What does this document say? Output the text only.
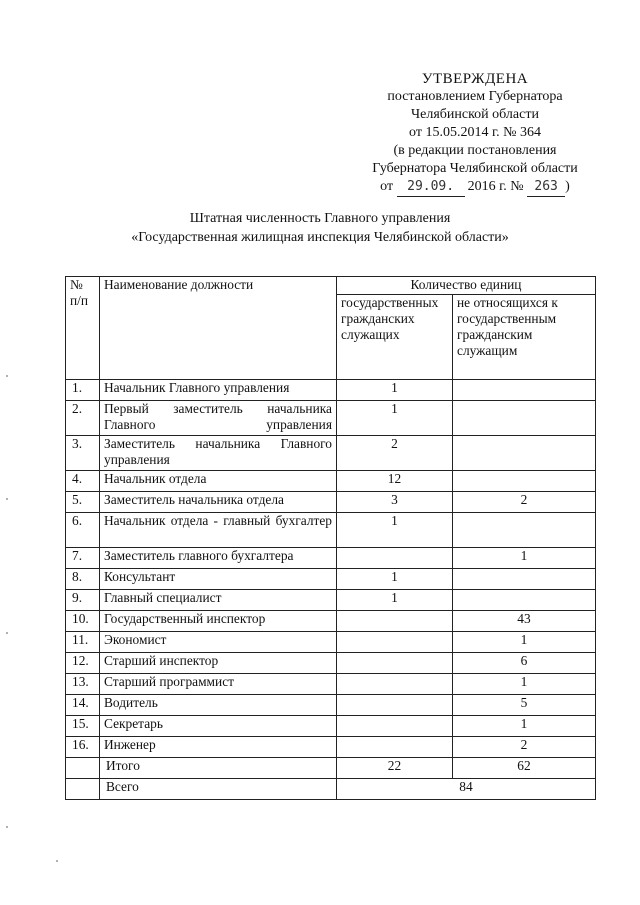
УТВЕРЖДЕНА
постановлением Губернатора
Челябинской области
от 15.05.2014 г. № 364
(в редакции постановления
Губернатора Челябинской области
от 29.09. 2016 г. № 263 )
Штатная численность Главного управления
«Государственная жилищная инспекция Челябинской области»
№ п/п	Наименование должности	Количество единиц	
		государственных гражданских служащих	не относящихся к государственным гражданским служащим

1.	Начальник Главного управления	1	
2.	Первый заместитель начальника Главного управления	1	
3.	Заместитель начальника Главного управления	2	
4.	Начальник отдела	12	
5.	Заместитель начальника отдела	3	2
6.	Начальник отдела - главный бухгалтер	1	
7.	Заместитель главного бухгалтера		1
8.	Консультант	1	
9.	Главный специалист	1	
10.	Государственный инспектор		43
11.	Экономист		1
12.	Старший инспектор		6
13.	Старший программист		1
14.	Водитель		5
15.	Секретарь		1
16.	Инженер		2
	Итого	22	62
	Всего	84	
